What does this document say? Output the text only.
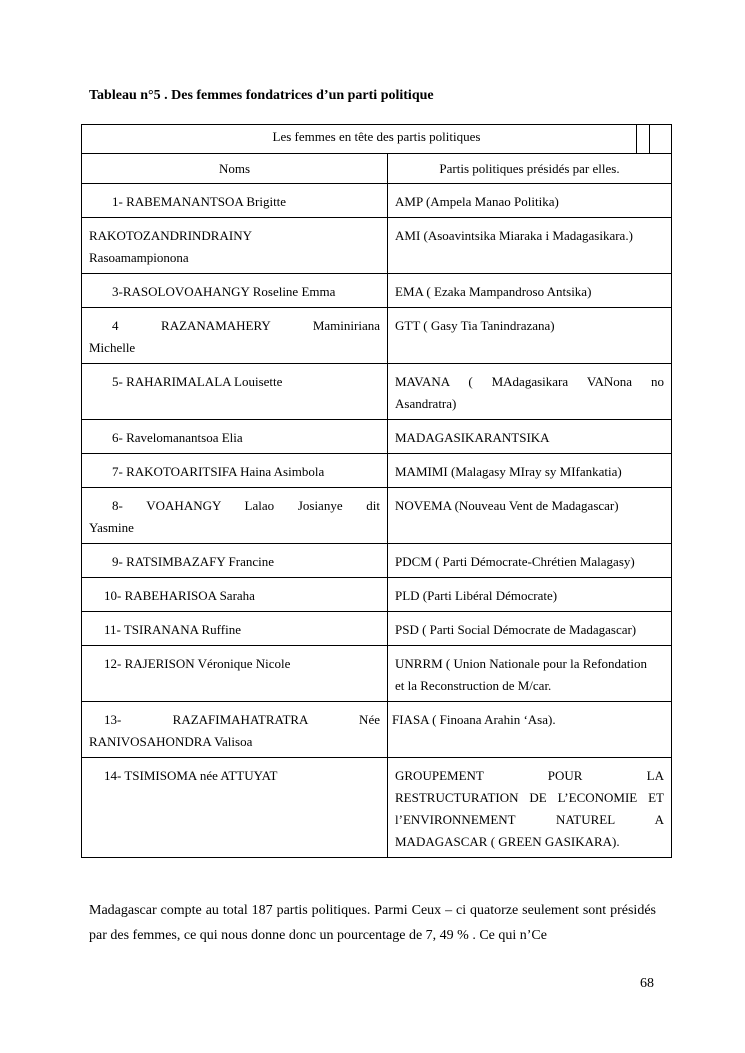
Tableau n°5 . Des femmes fondatrices d’un parti politique

Les femmes en tête des partis politiques	
Noms	Partis politiques présidés par elles.
1- RABEMANANTSOA Brigitte	AMP (Ampela Manao Politika)

RAKOTOZANDRINDRAINY
Rasoamampionona	AMI (Asoavintsika Miaraka i Madagasikara.)
3-RASOLOVOAHANGY Roseline Emma	EMA ( Ezaka Mampandroso Antsika)

4 RAZANAMAHERY Maminiriana
Michelle	GTT ( Gasy Tia Tanindrazana)
5- RAHARIMALALA Louisette	MAVANA ( MAdagasikara VANona no
Asandratra)

6- Ravelomanantsoa Elia	MADAGASIKARANTSIKA
7- RAKOTOARITSIFA Haina Asimbola	MAMIMI (Malagasy MIray sy MIfankatia)

8- VOAHANGY Lalao Josianye dit
Yasmine	NOVEMA (Nouveau Vent de Madagascar)
9- RATSIMBAZAFY Francine	PDCM ( Parti Démocrate-Chrétien Malagasy)
10- RABEHARISOA Saraha	PLD (Parti Libéral Démocrate)
11- TSIRANANA Ruffine	PSD ( Parti Social Démocrate de Madagascar)
12- RAJERISON Véronique Nicole	UNRRM ( Union Nationale pour la Refondation
et la Reconstruction de M/car.

13- RAZAFIMAHATRATRA Née
RANIVOSAHONDRA Valisoa	FIASA ( Finoana Arahin ‘Asa).
14- TSIMISOMA née ATTUYAT	GROUPEMENT POUR LA
RESTRUCTURATION DE L’ECONOMIE ET
l’ENVIRONNEMENT NATUREL A
MADAGASCAR ( GREEN GASIKARA).

Madagascar compte au total 187 partis politiques. Parmi Ceux – ci quatorze seulement sont présidés par des femmes, ce qui nous donne donc un pourcentage de 7, 49 % . Ce qui n’Ce

68
